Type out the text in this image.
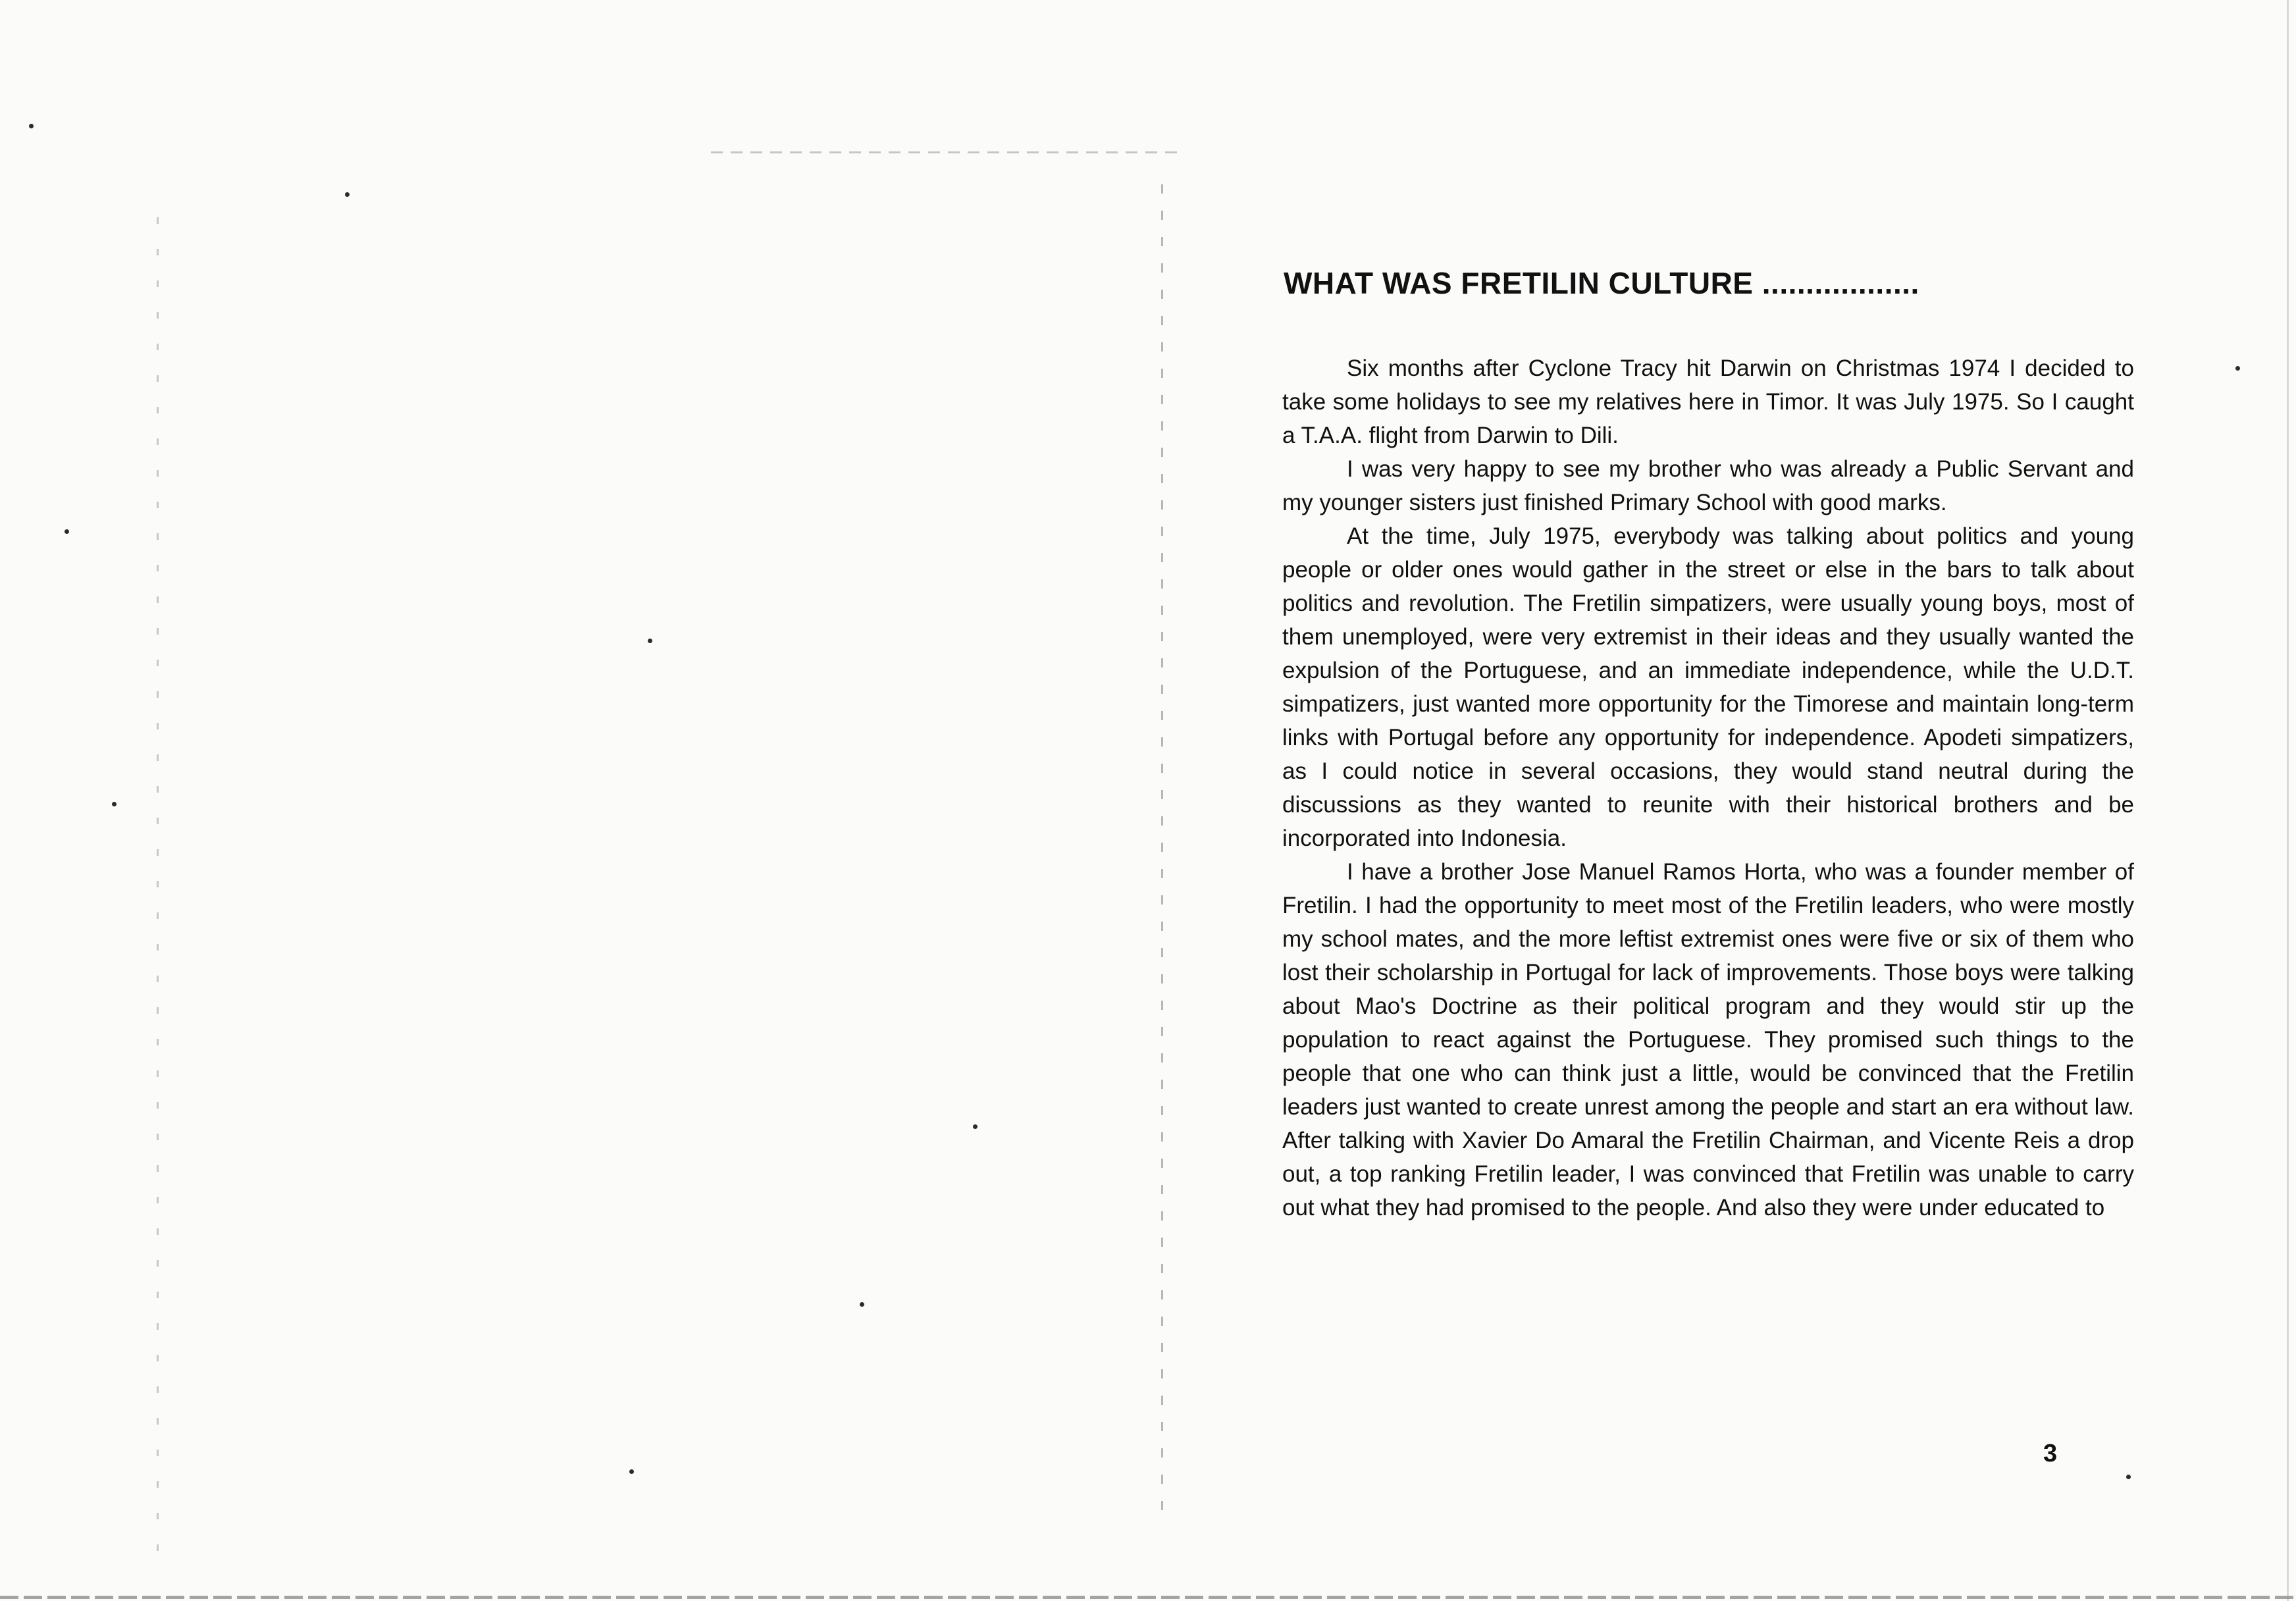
WHAT WAS FRETILIN CULTURE ..................

Six months after Cyclone Tracy hit Darwin on Christmas 1974 I decided to take some holidays to see my relatives here in Timor. It was July 1975. So I caught a T.A.A. flight from Darwin to Dili.

I was very happy to see my brother who was already a Public Servant and my younger sisters just finished Primary School with good marks.

At the time, July 1975, everybody was talking about politics and young people or older ones would gather in the street or else in the bars to talk about politics and revolution. The Fretilin simpatizers, were usually young boys, most of them unemployed, were very extremist in their ideas and they usually wanted the expulsion of the Portuguese, and an immediate independence, while the U.D.T. simpatizers, just wanted more opportunity for the Timorese and maintain long-term links with Portugal before any opportunity for independence. Apodeti simpatizers, as I could notice in several occasions, they would stand neutral during the discussions as they wanted to reunite with their historical brothers and be incorporated into Indonesia.

I have a brother Jose Manuel Ramos Horta, who was a founder member of Fretilin. I had the opportunity to meet most of the Fretilin leaders, who were mostly my school mates, and the more leftist extremist ones were five or six of them who lost their scholarship in Portugal for lack of improvements. Those boys were talking about Mao's Doctrine as their political program and they would stir up the population to react against the Portuguese. They promised such things to the people that one who can think just a little, would be convinced that the Fretilin leaders just wanted to create unrest among the people and start an era without law. After talking with Xavier Do Amaral the Fretilin Chairman, and Vicente Reis a drop out, a top ranking Fretilin leader, I was convinced that Fretilin was unable to carry out what they had promised to the people. And also they were under educated to

3
